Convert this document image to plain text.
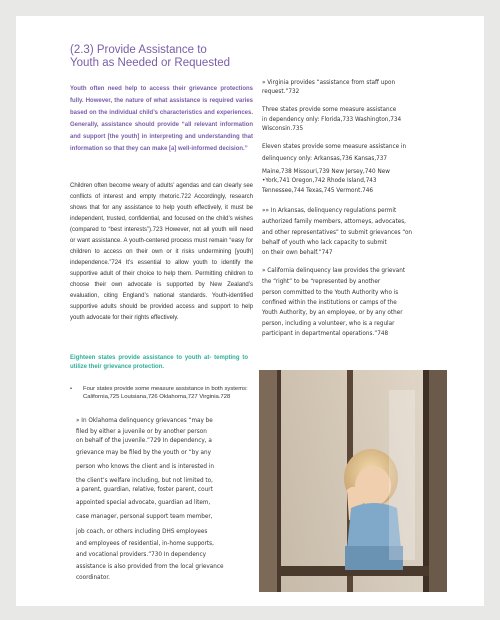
(2.3) Provide Assistance to
Youth as Needed or Requested

Youth often need help to access their grievance protections fully. However, the nature of what assistance is required varies based on the individual child’s characteristics and experiences. Generally, assistance should provide “all relevant information and support [the youth] in interpreting and understanding that information so that they can make [a] well-informed decision.”

Children often become weary of adults’ agendas and can clearly see conflicts of interest and empty rhetoric.722 Accordingly, research shows that for any assistance to help youth effectively, it must be independent, trusted, confidential, and focused on the child’s wishes (compared to “best interests”).723 However, not all youth will need or want assistance. A youth-centered process must remain “easy for children to access on their own or it risks undermining [youth] independence.”724 It’s essential to allow youth to identify the supportive adult of their choice to help them. Permitting children to choose their own advocate is supported by New Zealand’s evaluation, citing England’s national standards. Youth-identified supportive adults should be provided access and support to help youth advocate for their rights effectively.

Eighteen states provide assistance to youth at- tempting to utilize their grievance protection.

• Four states provide some measure assistance in both systems: California,725 Louisiana,726 Oklahoma,727 Virginia.728
» In Oklahoma delinquency grievances “may be
filed by either a juvenile or by another person
on behalf of the juvenile.”729 In dependency, a
grievance may be filed by the youth or “by any
person who knows the client and is interested in
the client’s welfare including, but not limited to,
a parent, guardian, relative, foster parent, court
appointed special advocate, guardian ad litem,
case manager, personal support team member,
job coach, or others including DHS employees
and employees of residential, in-home supports,
and vocational providers.”730 In dependency
assistance is also provided from the local grievance
coordinator.
» Virginia provides “assistance from staff upon
request.”732
Three states provide some measure assistance
in dependency only: Florida,733 Washington,734
Wisconsin.735
Eleven states provide some measure assistance in
delinquency only: Arkansas,736 Kansas,737
Maine,738 Missouri,739 New Jersey,740 New
•York,741 Oregon,742 Rhode Island,743
Tennessee,744 Texas,745 Vermont.746
»» In Arkansas, delinquency regulations permit
authorized family members, attorneys, advocates,
and other representatives” to submit grievances “on
behalf of youth who lack capacity to submit
on their own behalf.”747
» California delinquency law provides the grievant
the “right” to be “represented by another
person committed to the Youth Authority who is
confined within the institutions or camps of the
Youth Authority, by an employee, or by any other
person, including a volunteer, who is a regular
participant in departmental operations.”748
